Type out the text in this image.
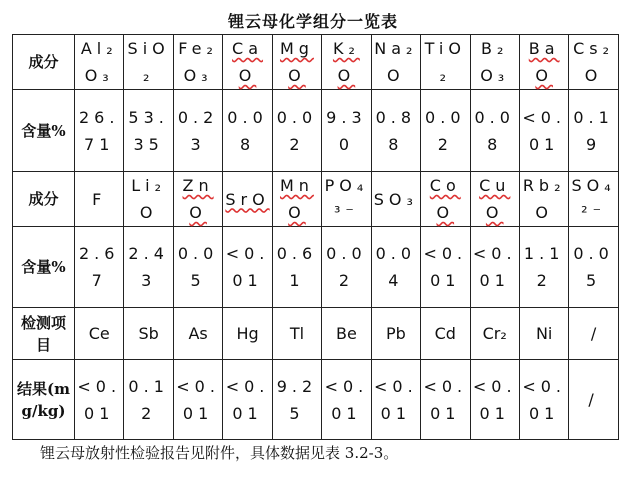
锂云母化学组分一览表
成分	Al₂O₃	SiO₂	Fe₂O₃	CaO	MgO	K₂O	Na₂O	TiO₂	B₂O₃	BaO	Cs₂O
含量%	26.71	53.35	0.23	0.08	0.02	9.30	0.88	0.02	0.08	<0.01	0.19
成分	F	Li₂O	ZnO	SrO	MnO	PO₄³⁻	SO₃	CoO	CuO	Rb₂O	SO₄²⁻
含量%	2.67	2.43	0.05	<0.01	0.61	0.02	0.04	<0.01	<0.01	1.12	0.05
检测项目	Ce	Sb	As	Hg	Tl	Be	Pb	Cd	Cr₂	Ni	/
结果(mg/kg)	<0.01	0.12	<0.01	<0.01	9.25	<0.01	<0.01	<0.01	<0.01	<0.01	/
锂云母放射性检验报告见附件，具体数据见表 3.2-3。
